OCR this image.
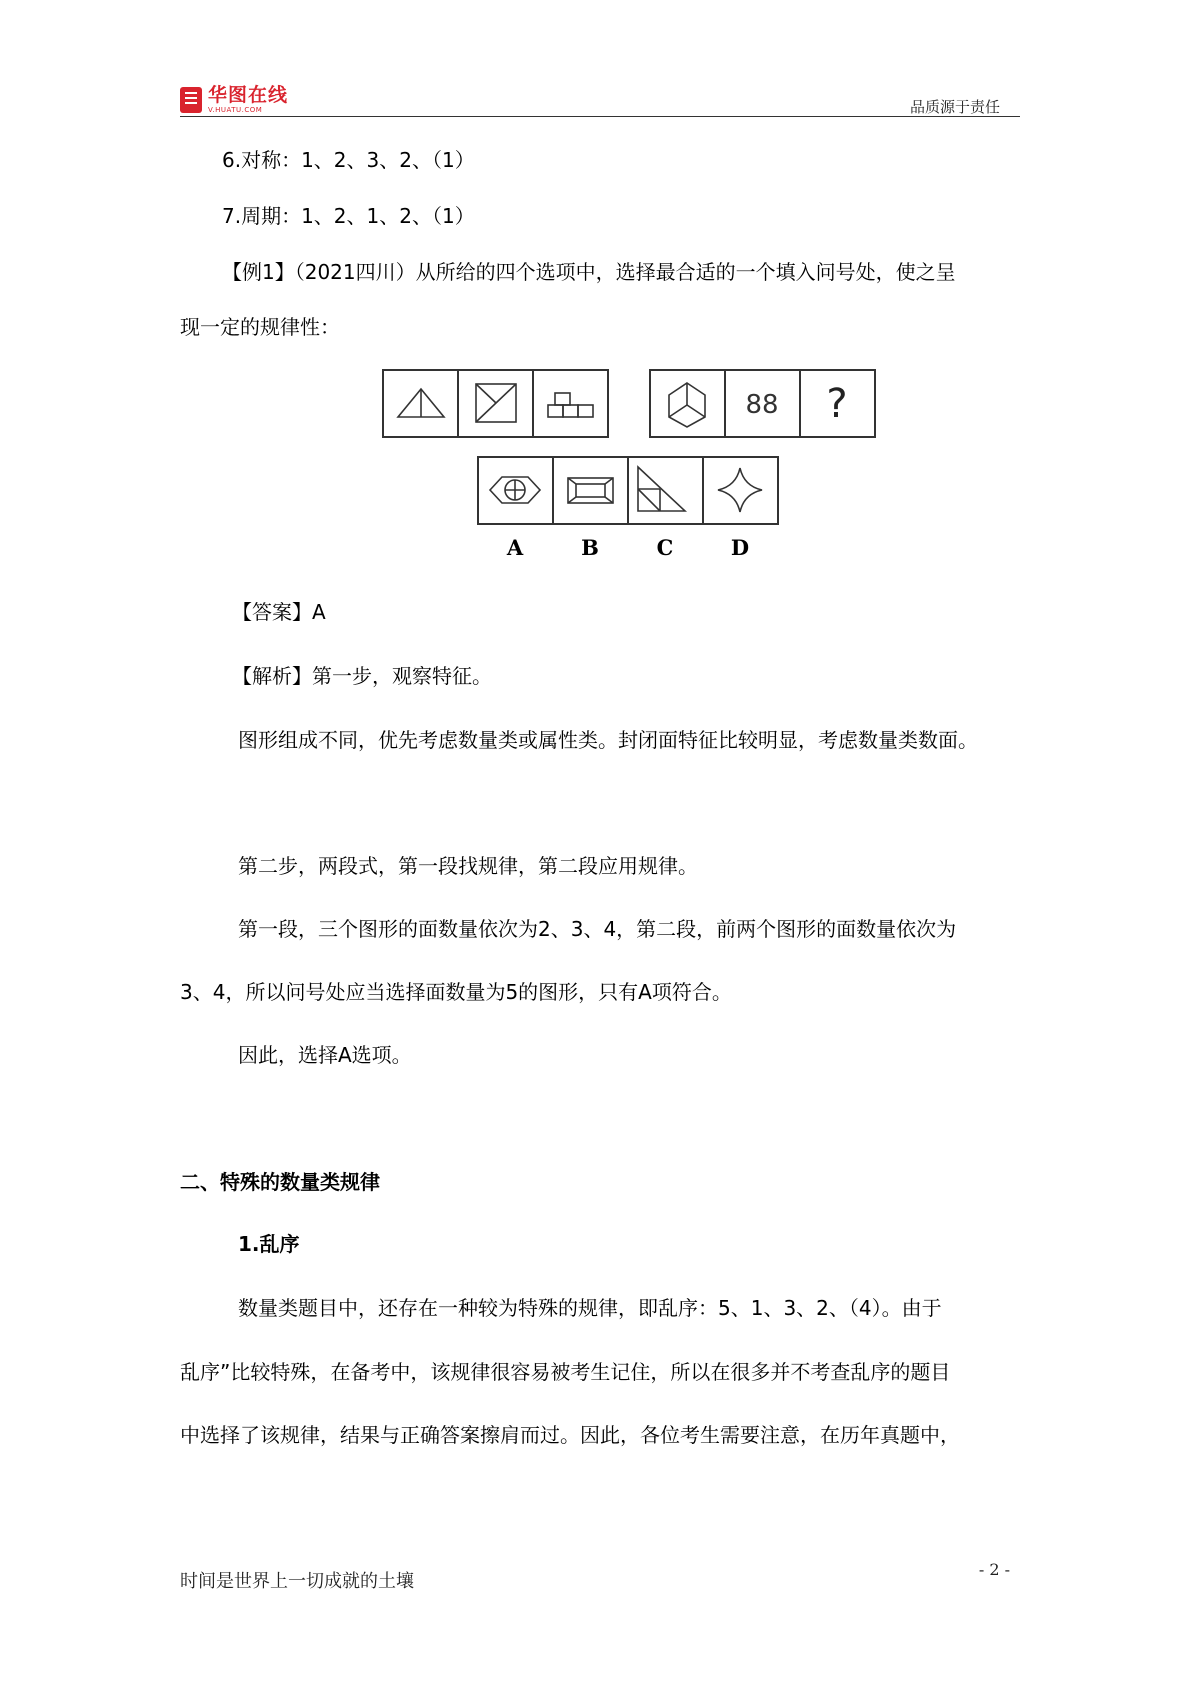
华图在线
V.HUATU.COM	品质源于责任
6.对称：1、2、3、2、（1）
7.周期：1、2、1、2、（1）
【例1】（2021四川）从所给的四个选项中，选择最合适的一个填入问号处，使之呈
现一定的规律性：
88 ?
A	B	C	D
【答案】A
【解析】第一步，观察特征。
图形组成不同，优先考虑数量类或属性类。封闭面特征比较明显，考虑数量类数面。
第二步，两段式，第一段找规律，第二段应用规律。
第一段，三个图形的面数量依次为2、3、4，第二段，前两个图形的面数量依次为
3、4，所以问号处应当选择面数量为5的图形，只有A项符合。
因此，选择A选项。
二、特殊的数量类规律
1.乱序
数量类题目中，还存在一种较为特殊的规律，即乱序：5、1、3、2、（4）。由于
乱序”比较特殊，在备考中，该规律很容易被考生记住，所以在很多并不考查乱序的题目
中选择了该规律，结果与正确答案擦肩而过。因此，各位考生需要注意，在历年真题中，
时间是世界上一切成就的土壤
- 2 -
